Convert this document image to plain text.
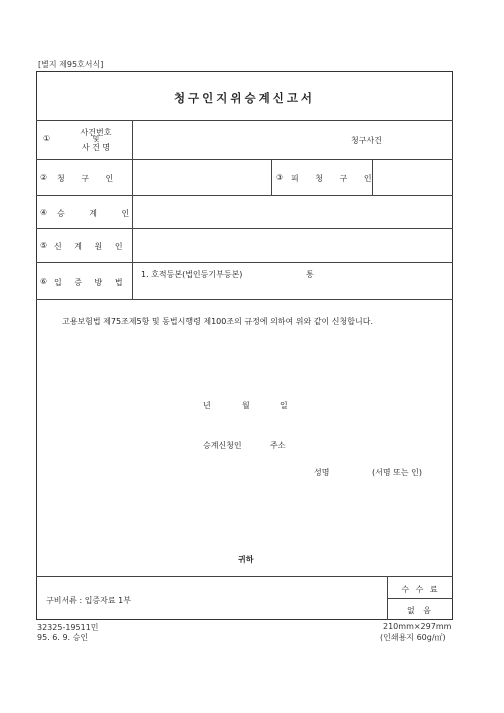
[별지 제95호서식]
청구인지위승계신고서
①
사건번호
및
사 건 명
청구사건
② 청 구 인	③ 피 청 구 인
④ 승 계 인
⑤ 신 계 원 인
⑥ 입 증 방 법
1. 호적등본(법인등기부등본)	통
고용보험법 제75조제5항 및 동법시행령 제100조의 규정에 의하여 위와 같이 신청합니다.
년	월	일
승계신청인	주소
성명	(서명 또는 인)
귀하
구비서류 : 입증자료 1부
수 수 료
없 음
32325-19511민
95. 6. 9. 승인
210mm×297mm
(인쇄용지 60g/㎡)
